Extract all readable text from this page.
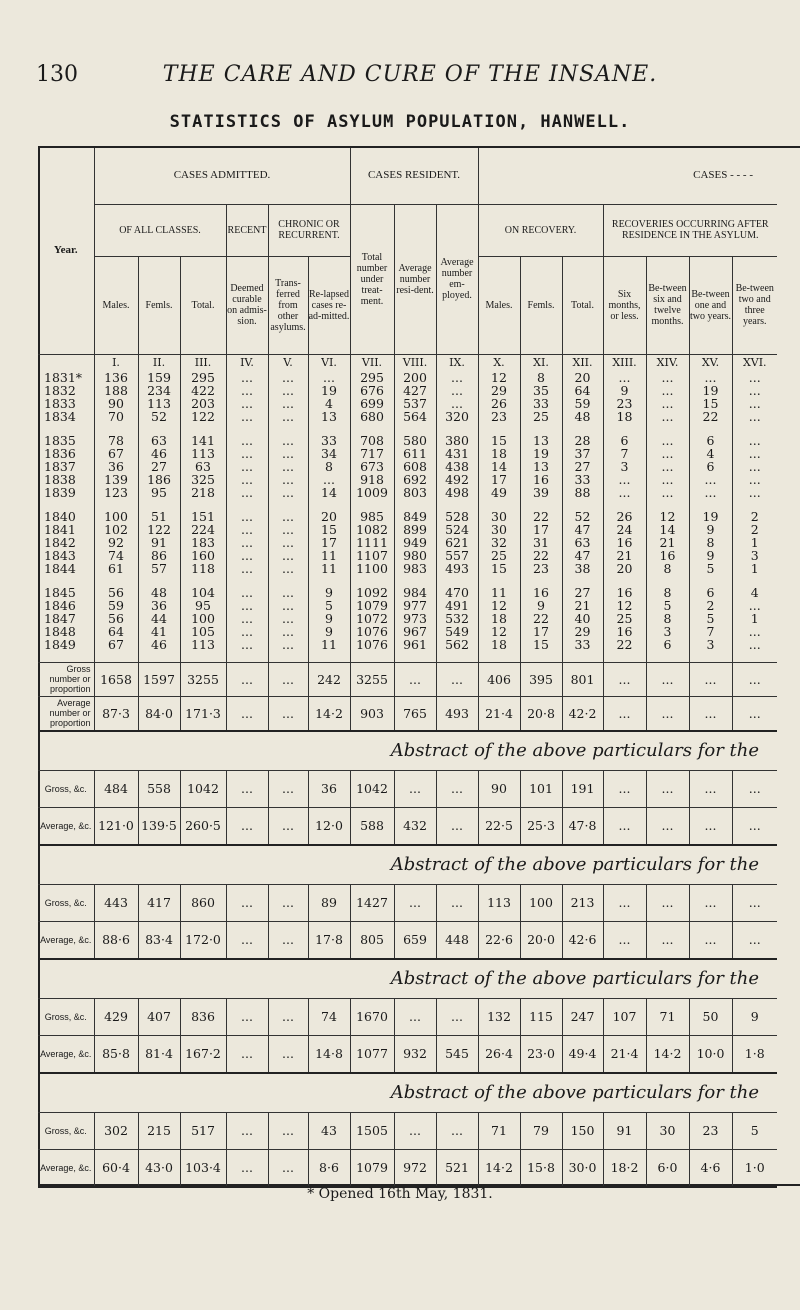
130	THE CARE AND CURE OF THE INSANE.
STATISTICS OF ASYLUM POPULATION, HANWELL.
Year.	CASES ADMITTED.						CASES RESIDENT.			CASES - - - -						
	OF ALL CLASSES.			RECENT	CHRONIC OR RECURRENT.		Total number under treat-ment.	Average number resi-dent.	Average number em-ployed.	ON RECOVERY.			RECOVERIES OCCURRING AFTER RESIDENCE IN THE ASYLUM.			
	Males.	Femls.	Total.	Deemed curable on admis-sion.	Trans-ferred from other asylums.	Re-lapsed cases re-ad-mitted.				Males.	Femls.	Total.	Six months, or less.	Be-tween six and twelve months.	Be-tween one and two years.	Be-tween two and three years.
	I.	II.	III.	IV.	V.	VI.	VII.	VIII.	IX.	X.	XI.	XII.	XIII.	XIV.	XV.	XVI.
1831*	136	159	295	...	...	...	295	200	...	12	8	20	...	...	...	...
1832	188	234	422	...	...	19	676	427	...	29	35	64	9	...	19	...
1833	90	113	203	...	...	4	699	537	...	26	33	59	23	...	15	...
1834	70	52	122	...	...	13	680	564	320	23	25	48	18	...	22	...

1835	78	63	141	...	...	33	708	580	380	15	13	28	6	...	6	...
1836	67	46	113	...	...	34	717	611	431	18	19	37	7	...	4	...
1837	36	27	63	...	...	8	673	608	438	14	13	27	3	...	6	...
1838	139	186	325	...	...	...	918	692	492	17	16	33	...	...	...	...
1839	123	95	218	...	...	14	1009	803	498	49	39	88	...	...	...	...

1840	100	51	151	...	...	20	985	849	528	30	22	52	26	12	19	2
1841	102	122	224	...	...	15	1082	899	524	30	17	47	24	14	9	2
1842	92	91	183	...	...	17	1111	949	621	32	31	63	16	21	8	1
1843	74	86	160	...	...	11	1107	980	557	25	22	47	21	16	9	3
1844	61	57	118	...	...	11	1100	983	493	15	23	38	20	8	5	1

1845	56	48	104	...	...	9	1092	984	470	11	16	27	16	8	6	4
1846	59	36	95	...	...	5	1079	977	491	12	9	21	12	5	2	...
1847	56	44	100	...	...	9	1072	973	532	18	22	40	25	8	5	1
1848	64	41	105	...	...	9	1076	967	549	12	17	29	16	3	7	...
1849	67	46	113	...	...	11	1076	961	562	18	15	33	22	6	3	...

Gross number or proportion	1658	1597	3255	...	...	242	3255	...	...	406	395	801	...	...	...	...
Average number or proportion	87·3	84·0	171·3	...	...	14·2	903	765	493	21·4	20·8	42·2	...	...	...	...
Abstract of the above particulars for the																
Gross, &c.	484	558	1042	...	...	36	1042	...	...	90	101	191	...	...	...	...
Average, &c.	121·0	139·5	260·5	...	...	12·0	588	432	...	22·5	25·3	47·8	...	...	...	...
Abstract of the above particulars for the																
Gross, &c.	443	417	860	...	...	89	1427	...	...	113	100	213	...	...	...	...
Average, &c.	88·6	83·4	172·0	...	...	17·8	805	659	448	22·6	20·0	42·6	...	...	...	...
Abstract of the above particulars for the																
Gross, &c.	429	407	836	...	...	74	1670	...	...	132	115	247	107	71	50	9
Average, &c.	85·8	81·4	167·2	...	...	14·8	1077	932	545	26·4	23·0	49·4	21·4	14·2	10·0	1·8
Abstract of the above particulars for the																
Gross, &c.	302	215	517	...	...	43	1505	...	...	71	79	150	91	30	23	5
Average, &c.	60·4	43·0	103·4	...	...	8·6	1079	972	521	14·2	15·8	30·0	18·2	6·0	4·6	1·0
* Opened 16th May, 1831.
